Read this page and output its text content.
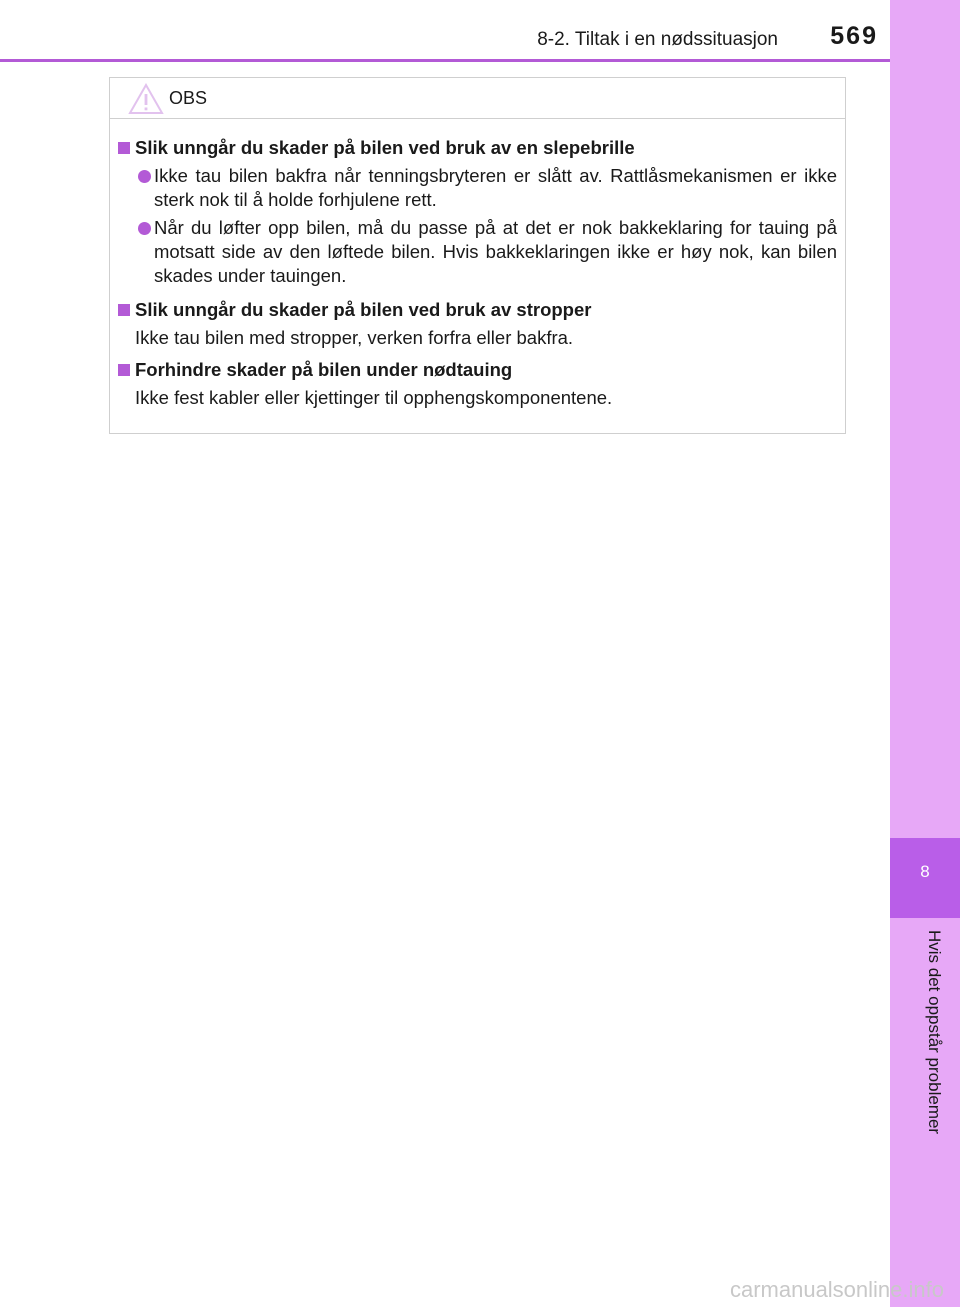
8-2. Tiltak i en nødssituasjon 569
8
Hvis det oppstår problemer
OBS
Slik unngår du skader på bilen ved bruk av en slepebrille
Ikke tau bilen bakfra når tenningsbryteren er slått av. Rattlåsmekanismen er ikke sterk nok til å holde forhjulene rett.
Når du løfter opp bilen, må du passe på at det er nok bakkeklaring for tauing på motsatt side av den løftede bilen. Hvis bakkeklaringen ikke er høy nok, kan bilen skades under tauingen.
Slik unngår du skader på bilen ved bruk av stropper
Ikke tau bilen med stropper, verken forfra eller bakfra.
Forhindre skader på bilen under nødtauing
Ikke fest kabler eller kjettinger til opphengskomponentene.
carmanualsonline.info
